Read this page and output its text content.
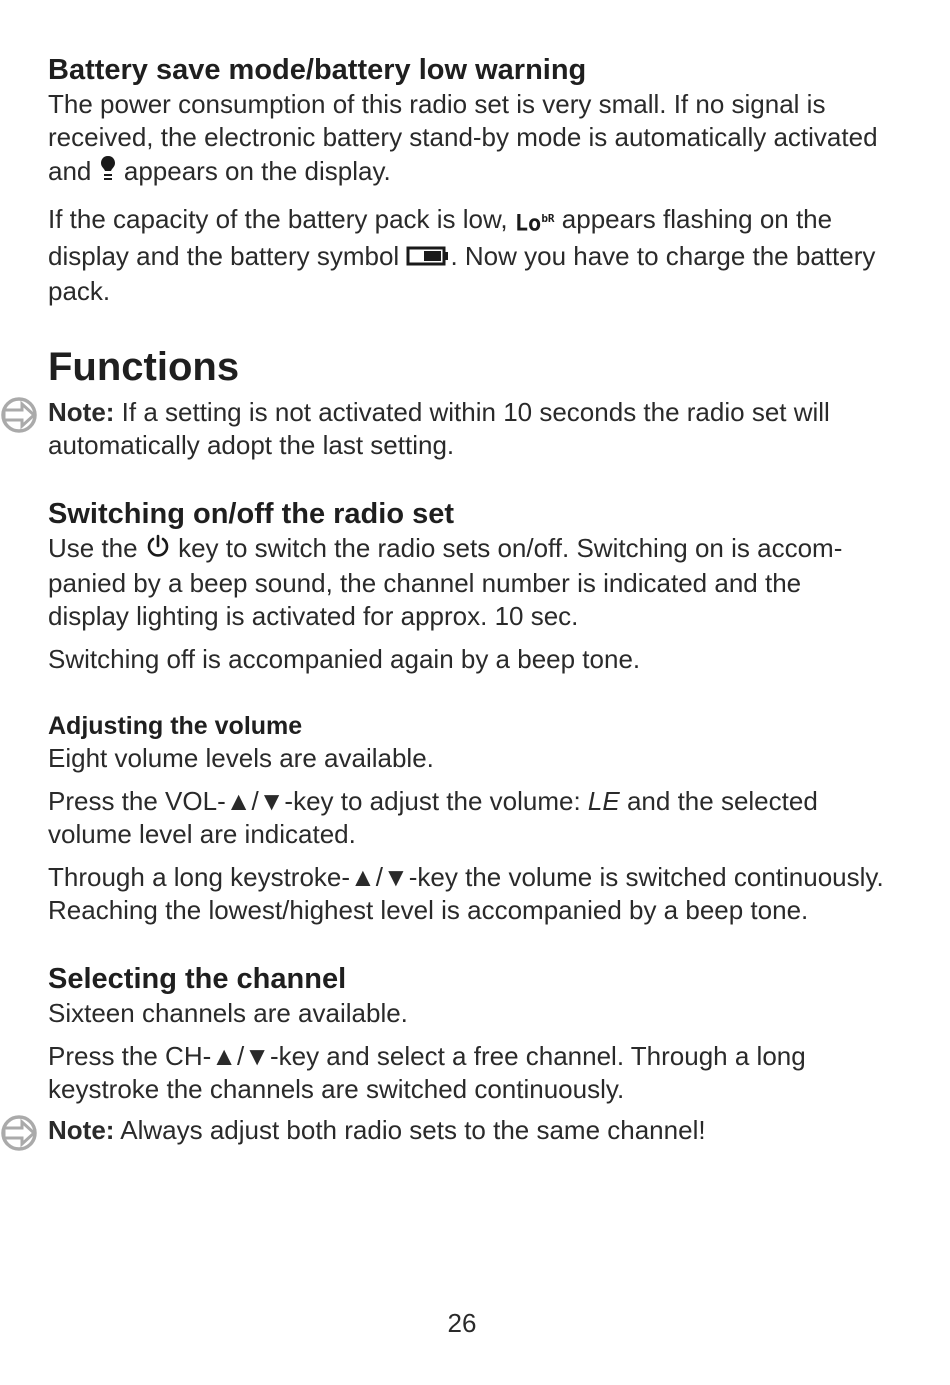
Battery save mode/battery low warning

The power consumption of this radio set is very small. If no signal is received, the electronic battery stand-by mode is automatically activated and appears on the display.

If the capacity of the battery pack is low, $Lo^{bR}$ appears flashing on the display and the battery symbol . Now you have to charge the battery pack.

Functions

Note: If a setting is not activated within 10 seconds the radio set will automatically adopt the last setting.

Switching on/off the radio set

Use the key to switch the radio sets on/off. Switching on is accom-panied by a beep sound, the channel number is indicated and the display lighting is activated for approx. 10 sec.

Switching off is accompanied again by a beep tone.

Adjusting the volume

Eight volume levels are available.

Press the VOL-▲/▼-key to adjust the volume: LE and the selected volume level are indicated.

Through a long keystroke-▲/▼-key the volume is switched continuously. Reaching the lowest/highest level is accompanied by a beep tone.

Selecting the channel

Sixteen channels are available.

Press the CH-▲/▼-key and select a free channel. Through a long keystroke the channels are switched continuously.

Note: Always adjust both radio sets to the same channel!

26
